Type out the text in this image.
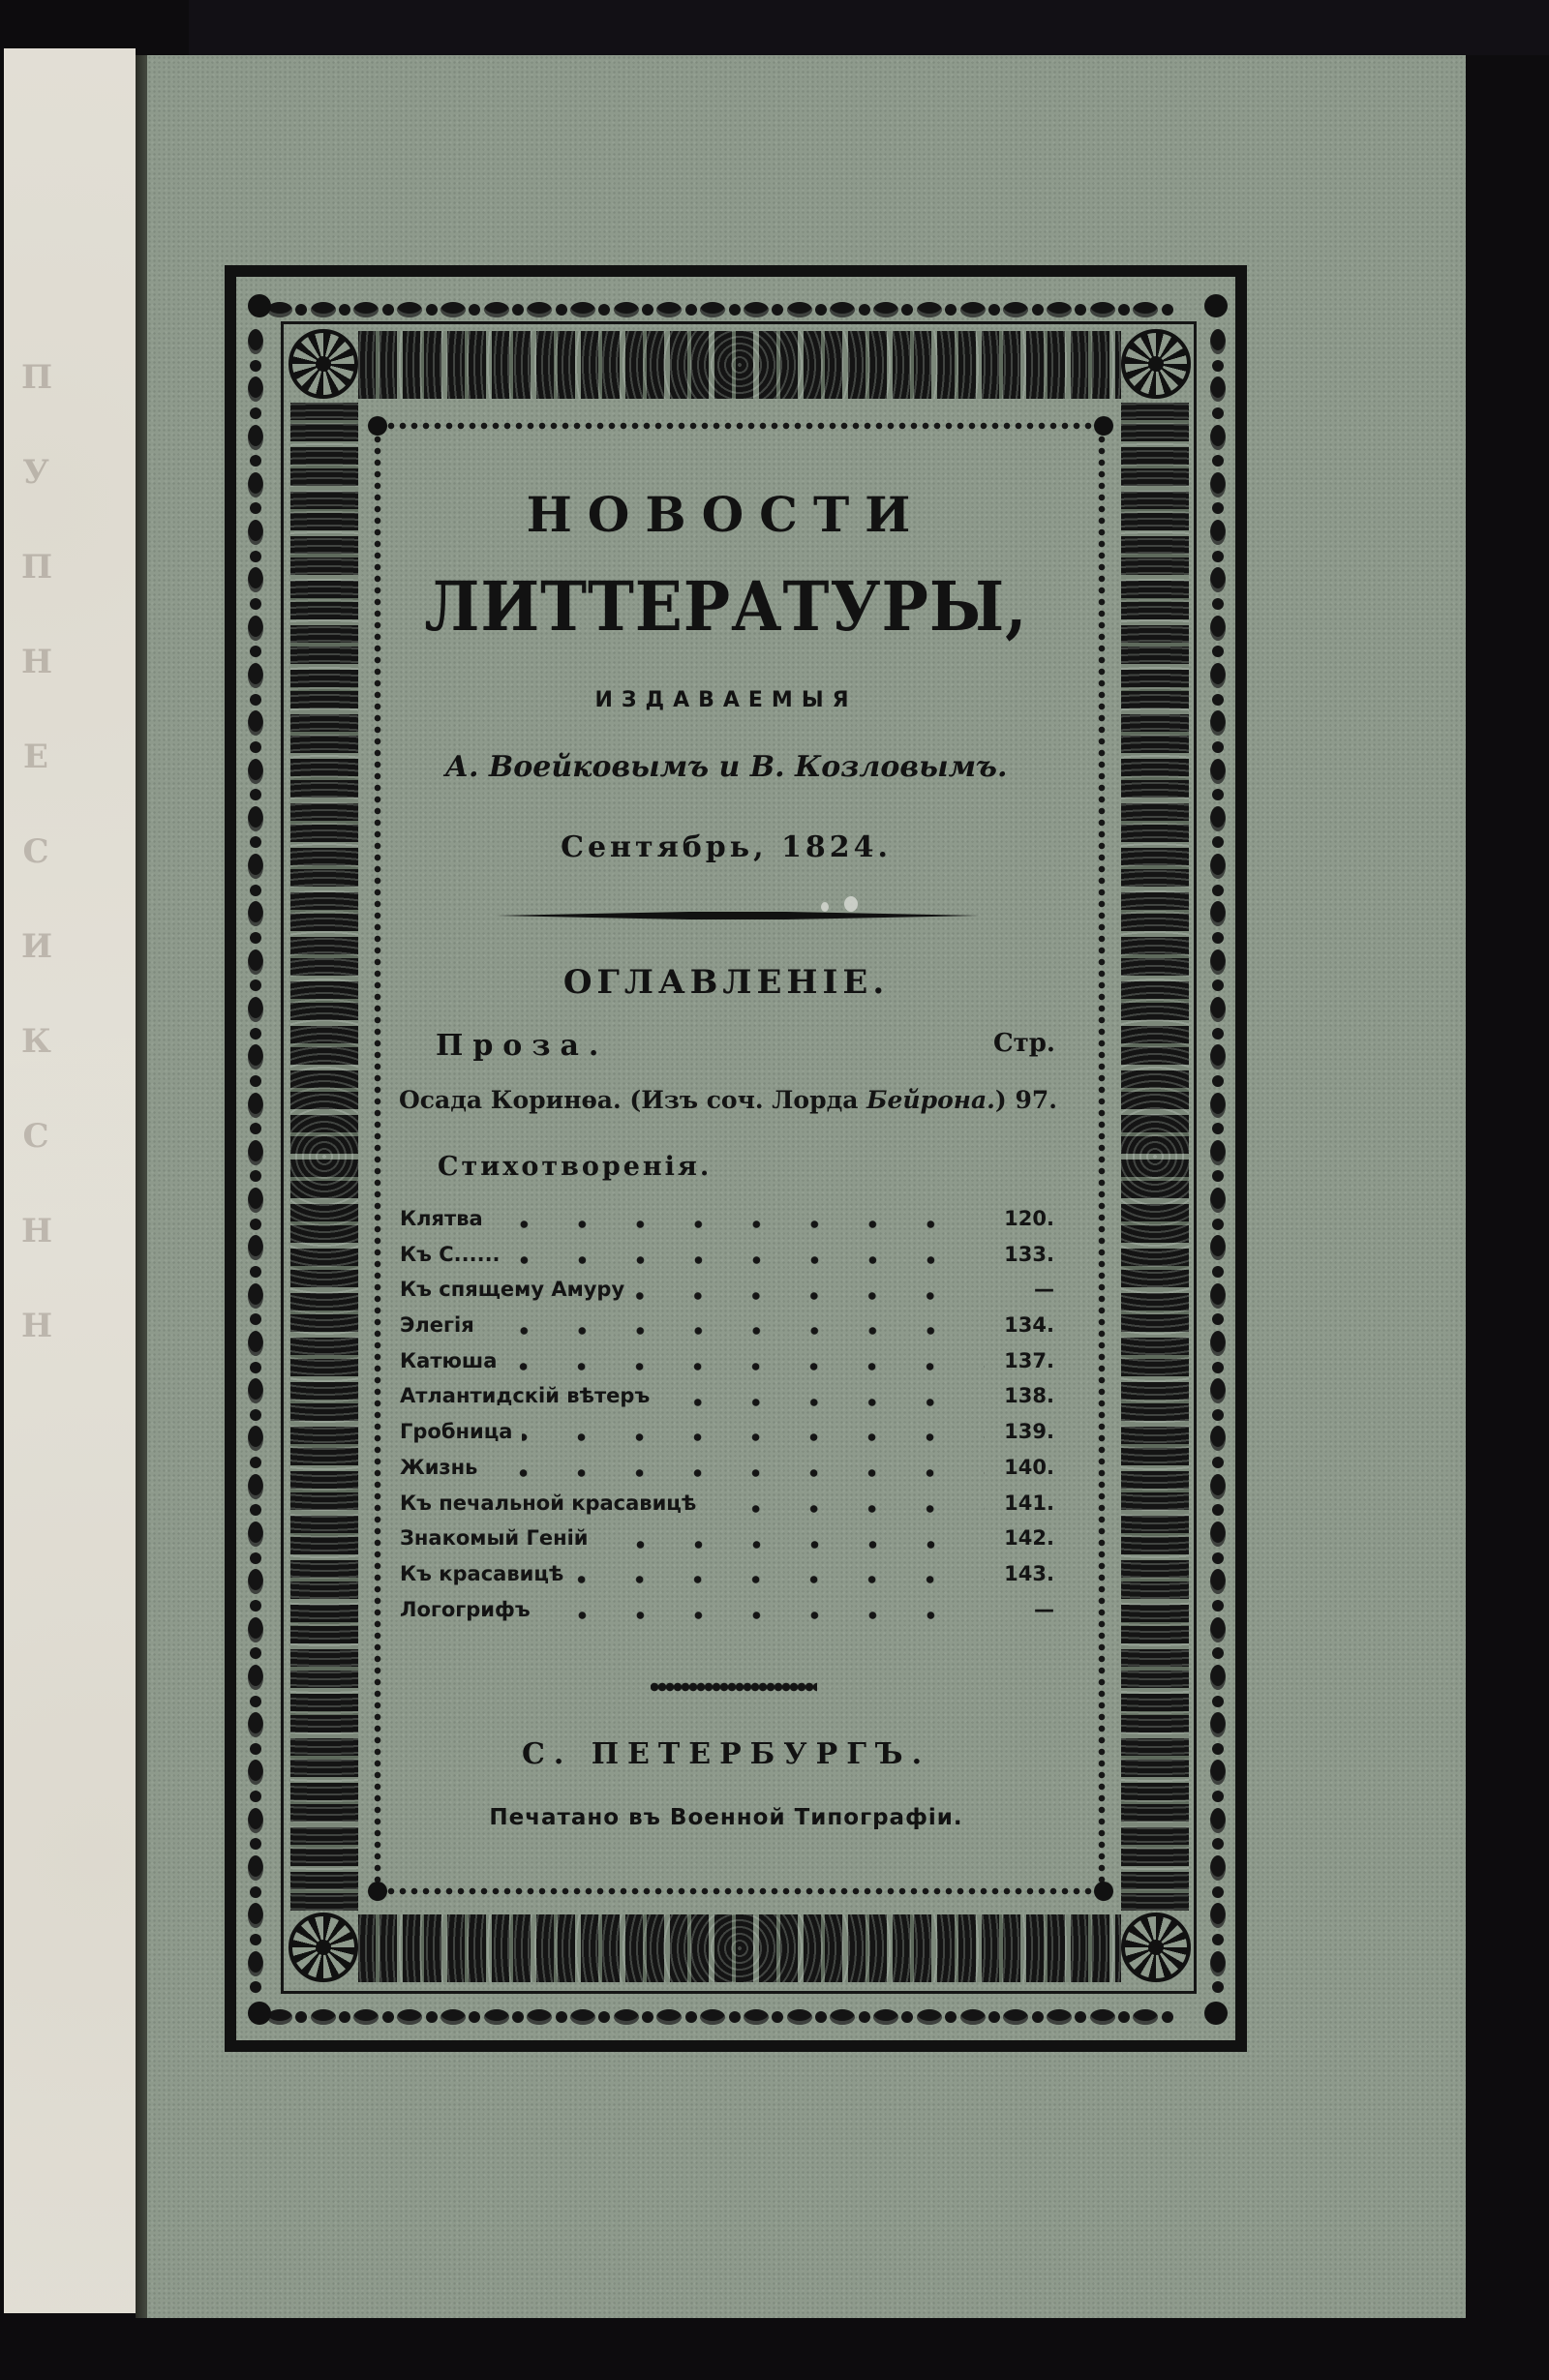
П
У
П
Н
Е
С
И
К
С
Н
Н
НОВОСТИ
ЛИТТЕРАТУРЫ,
ИЗДАВАЕМЫЯ
А. Воейковымъ и В. Козловымъ.
Сентябрь, 1824.
ОГЛАВЛЕНІЕ.
Проза.	Стр.
Осада Коринѳа. (Изъ соч. Лорда Бейрона.) 97.
Стихотворенія.
Клятва	120.
Къ С......	133.
Къ спящему Амуру	—
Элегія	134.
Катюша	137.
Атлантидскій вѣтеръ	138.
Гробница	139.
Жизнь	140.
Къ печальной красавицѣ	141.
Знакомый Геній	142.
Къ красавицѣ	143.
Логогрифъ	—
С. ПЕТЕРБУРГЪ.
Печатано въ Военной Типографіи.
